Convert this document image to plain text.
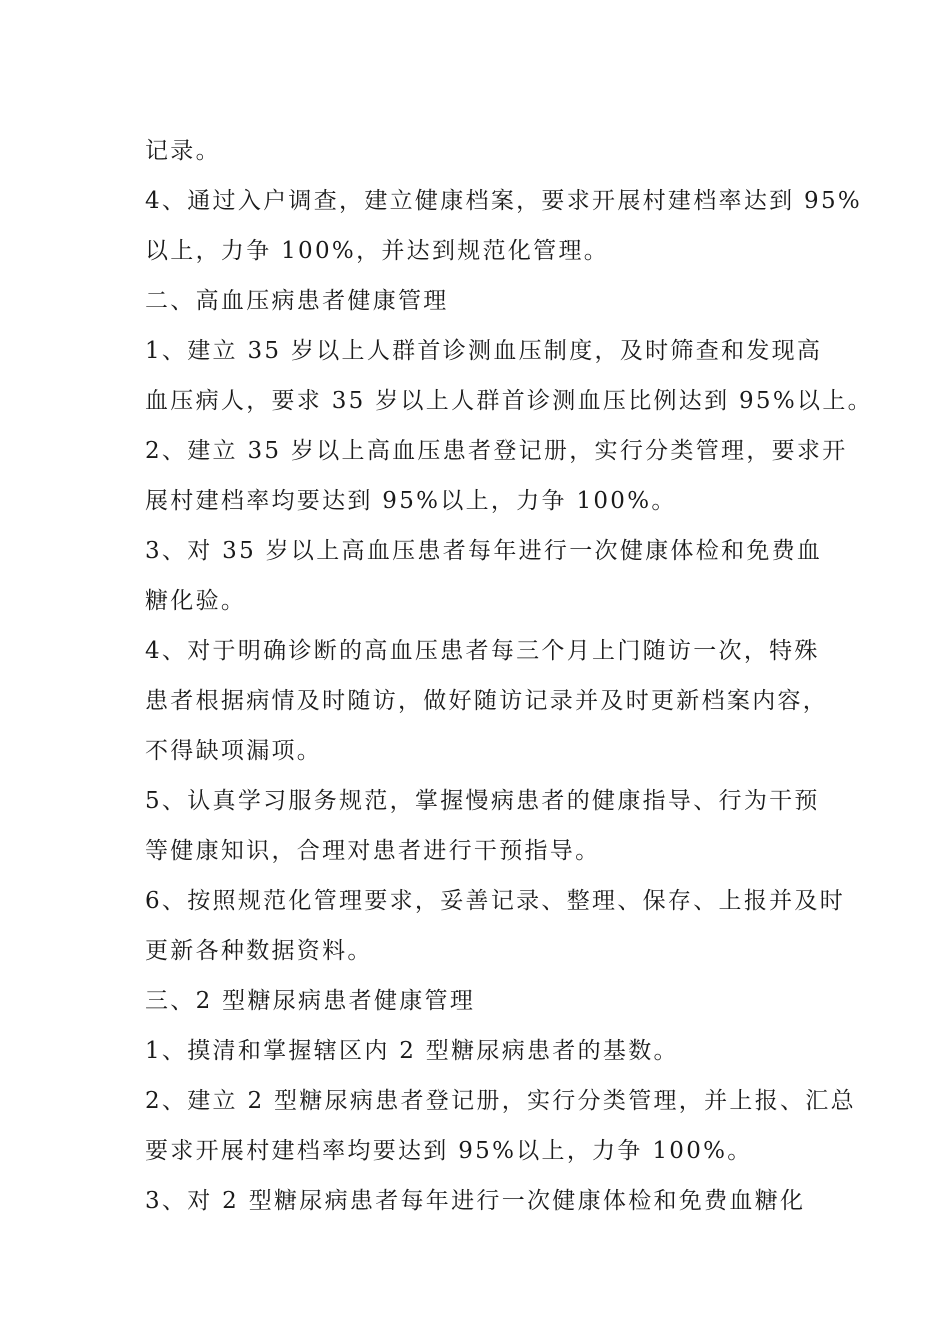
记录。
4、通过入户调查，建立健康档案，要求开展村建档率达到 95%
以上，力争 100%，并达到规范化管理。
二、高血压病患者健康管理
1、建立 35 岁以上人群首诊测血压制度，及时筛查和发现高
血压病人，要求 35 岁以上人群首诊测血压比例达到 95%以上。
2、建立 35 岁以上高血压患者登记册，实行分类管理，要求开
展村建档率均要达到 95%以上，力争 100%。
3、对 35 岁以上高血压患者每年进行一次健康体检和免费血
糖化验。
4、对于明确诊断的高血压患者每三个月上门随访一次，特殊
患者根据病情及时随访，做好随访记录并及时更新档案内容，
不得缺项漏项。
5、认真学习服务规范，掌握慢病患者的健康指导、行为干预
等健康知识，合理对患者进行干预指导。
6、按照规范化管理要求，妥善记录、整理、保存、上报并及时
更新各种数据资料。
三、2 型糖尿病患者健康管理
1、摸清和掌握辖区内 2 型糖尿病患者的基数。
2、建立 2 型糖尿病患者登记册，实行分类管理，并上报、汇总
要求开展村建档率均要达到 95%以上，力争 100%。
3、对 2 型糖尿病患者每年进行一次健康体检和免费血糖化
